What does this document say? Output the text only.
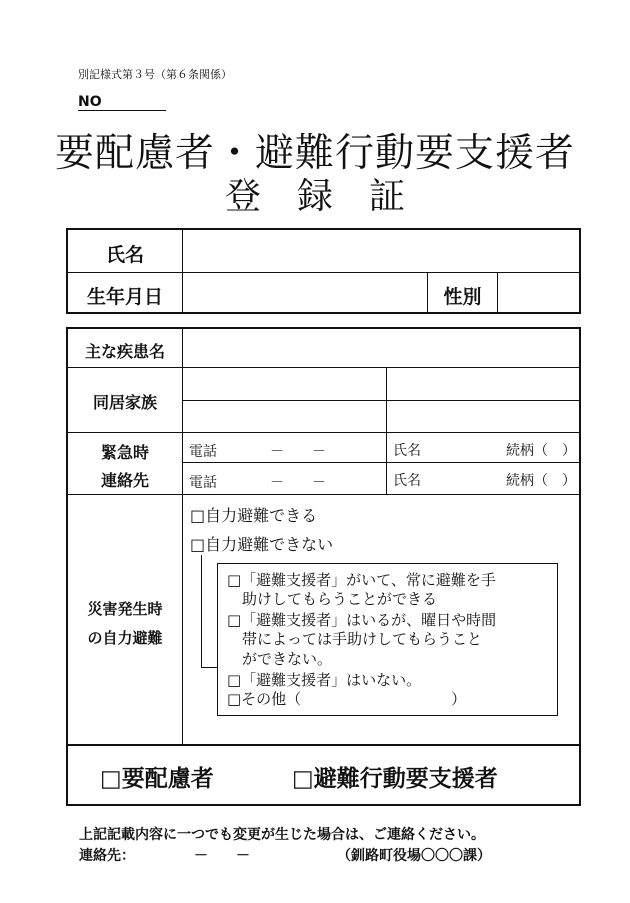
別記様式第３号（第６条関係）
NO
要配慮者・避難行動要支援者
登　録　証
氏名
生年月日	性別
主な疾患名
同居家族
緊急時
連絡先
電話	－　　－	氏名	続柄（　）
電話	－　　－	氏名	続柄（　）
災害発生時
の自力避難
□自力避難できる
□自力避難できない
□「避難支援者」がいて、常に避難を手
　助けしてもらうことができる
□「避難支援者」はいるが、曜日や時間
　帯によっては手助けしてもらうこと
　ができない。
□「避難支援者」はいない。
□その他（　　　　　　　　　　）
□要配慮者	□避難行動要支援者
上記記載内容に一つでも変更が生じた場合は、ご連絡ください。
連絡先：	－　　－	（釧路町役場〇〇〇課）
